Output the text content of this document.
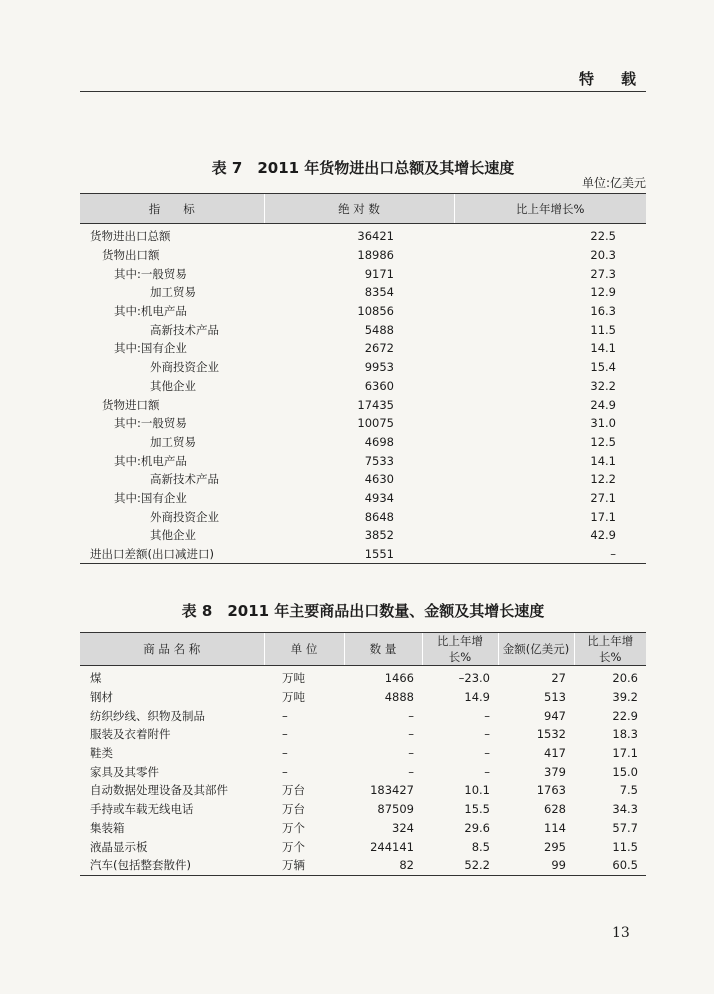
特　载
表 7　2011 年货物进出口总额及其增长速度
单位:亿美元
指　　标	绝 对 数	比上年增长%
货物进出口总额	36421	22.5
货物出口额	18986	20.3
其中:一般贸易	9171	27.3
加工贸易	8354	12.9
其中:机电产品	10856	16.3
高新技术产品	5488	11.5
其中:国有企业	2672	14.1
外商投资企业	9953	15.4
其他企业	6360	32.2
货物进口额	17435	24.9
其中:一般贸易	10075	31.0
加工贸易	4698	12.5
其中:机电产品	7533	14.1
高新技术产品	4630	12.2
其中:国有企业	4934	27.1
外商投资企业	8648	17.1
其他企业	3852	42.9
进出口差额(出口减进口)	1551	–
表 8　2011 年主要商品出口数量、金额及其增长速度
商 品 名 称	单 位	数 量	比上年增长%	金额(亿美元)	比上年增长%
煤	万吨	1466	–23.0	27	20.6
钢材	万吨	4888	14.9	513	39.2
纺织纱线、织物及制品	–	–	–	947	22.9
服装及衣着附件	–	–	–	1532	18.3
鞋类	–	–	–	417	17.1
家具及其零件	–	–	–	379	15.0
自动数据处理设备及其部件	万台	183427	10.1	1763	7.5
手持或车载无线电话	万台	87509	15.5	628	34.3
集装箱	万个	324	29.6	114	57.7
液晶显示板	万个	244141	8.5	295	11.5
汽车(包括整套散件)	万辆	82	52.2	99	60.5
13
